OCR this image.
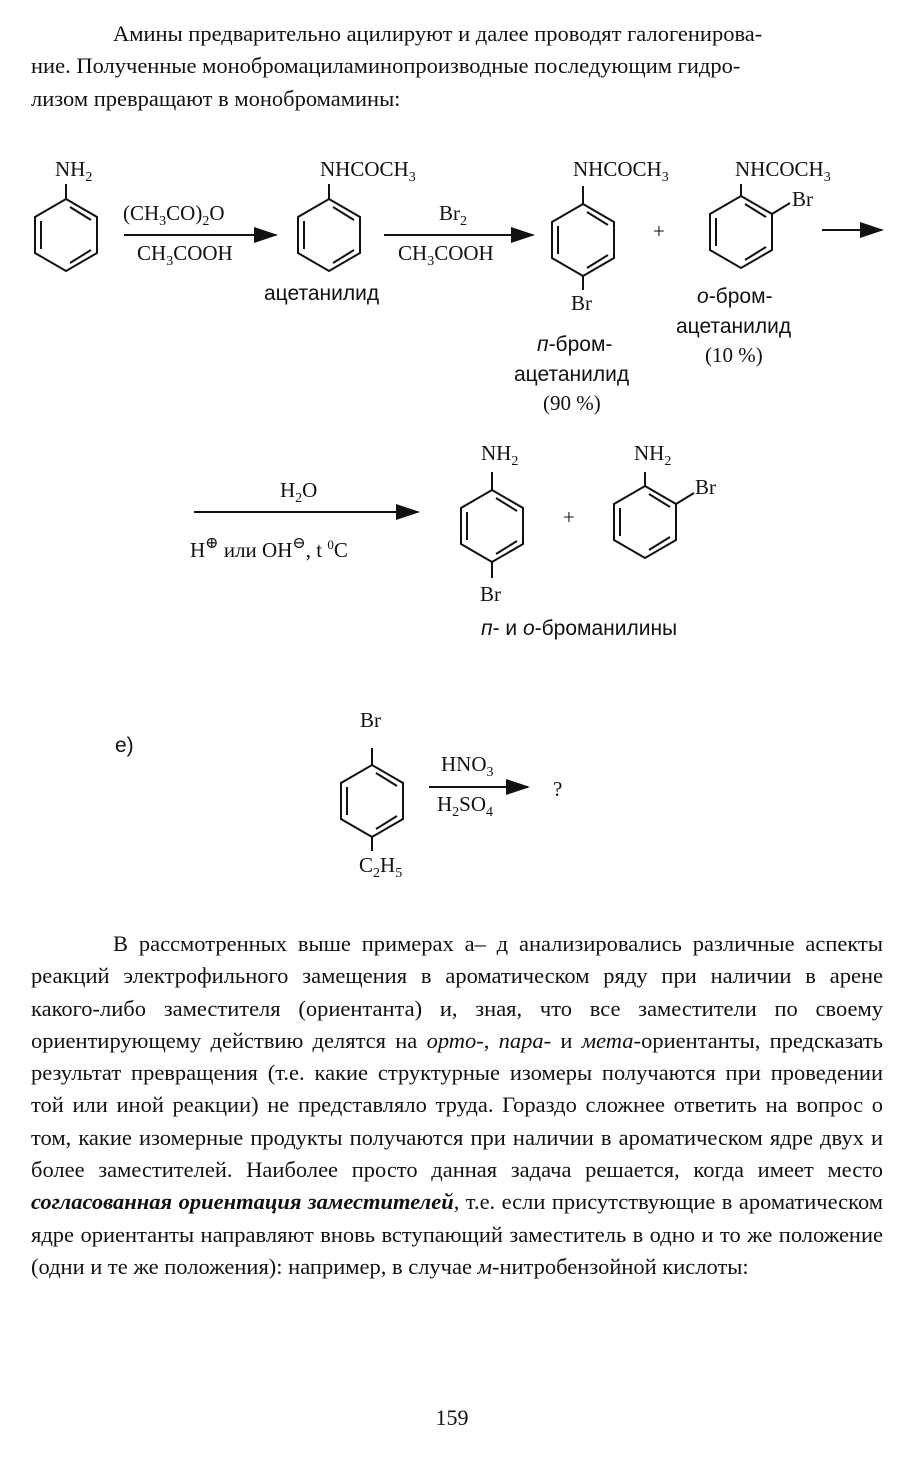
Амины предварительно ацилируют и далее проводят галогенирова-
ние. Полученные монобромациламинопроизводные последующим гидро-
лизом превращают в монобромамины:
$NH_2$
$(CH_3CO)_2O$
$CH_3COOH$
$NHCOCH_3$
ацетанилид
$Br_2$
$CH_3COOH$
$NHCOCH_3$
Br
+
$NHCOCH_3$
Br
п-бром-
ацетанилид
(90 %)
о-бром-
ацетанилид
(10 %)
$H_2O$
H⊕ или OH⊖, t $^0$C
$NH_2$
Br
+
$NH_2$
Br
п- и о-броманилины
е)
Br
$C_2H_5$
$HNO_3$
$H_2SO_4$
?

В рассмотренных выше примерах а– д анализировались различные аспекты реакций электрофильного замещения в ароматическом ряду при наличии в арене какого-либо заместителя (ориентанта) и, зная, что все заместители по своему ориентирующему действию делятся на орто-, пара- и мета-ориентанты, предсказать результат превращения (т.е. какие структурные изомеры получаются при проведении той или иной реакции) не представляло труда. Гораздо сложнее ответить на вопрос о том, какие изомерные продукты получаются при наличии в ароматическом ядре двух и более заместителей. Наиболее просто данная задача решается, когда имеет место согласованная ориентация заместителей, т.е. если присутствующие в ароматическом ядре ориентанты направляют вновь вступающий заместитель в одно и то же положение (одни и те же положения): например, в случае м-нитробензойной кислоты:

159
